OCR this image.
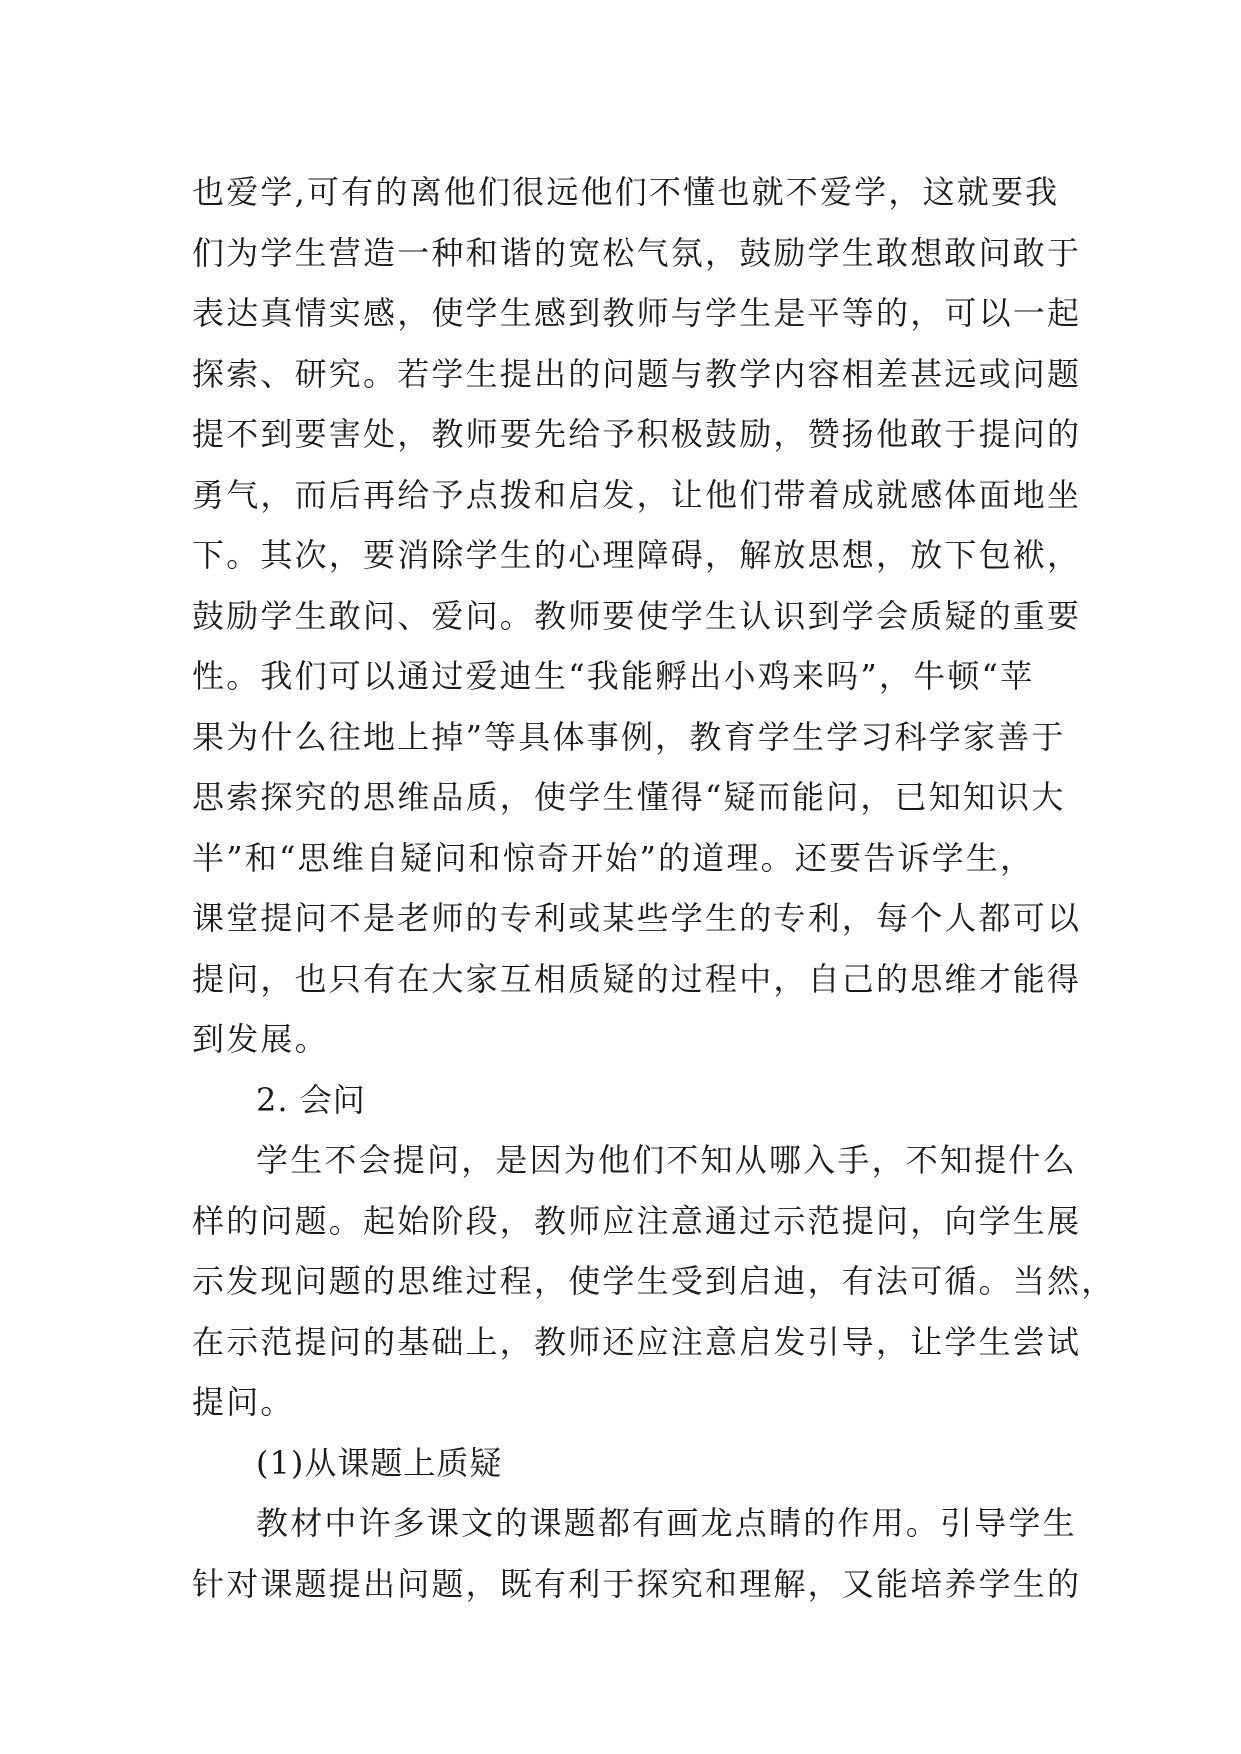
也爱学,可有的离他们很远他们不懂也就不爱学，这就要我
们为学生营造一种和谐的宽松气氛，鼓励学生敢想敢问敢于
表达真情实感，使学生感到教师与学生是平等的，可以一起
探索、研究。若学生提出的问题与教学内容相差甚远或问题
提不到要害处，教师要先给予积极鼓励，赞扬他敢于提问的
勇气，而后再给予点拨和启发，让他们带着成就感体面地坐
下。其次，要消除学生的心理障碍，解放思想，放下包袱，
鼓励学生敢问、爱问。教师要使学生认识到学会质疑的重要
性。我们可以通过爱迪生“我能孵出小鸡来吗”，牛顿“苹
果为什么往地上掉”等具体事例，教育学生学习科学家善于
思索探究的思维品质，使学生懂得“疑而能问，已知知识大
半”和“思维自疑问和惊奇开始”的道理。还要告诉学生，
课堂提问不是老师的专利或某些学生的专利，每个人都可以
提问，也只有在大家互相质疑的过程中，自己的思维才能得
到发展。
2. 会问
学生不会提问，是因为他们不知从哪入手，不知提什么
样的问题。起始阶段，教师应注意通过示范提问，向学生展
示发现问题的思维过程，使学生受到启迪，有法可循。当然，
在示范提问的基础上，教师还应注意启发引导，让学生尝试
提问。
(1)从课题上质疑
教材中许多课文的课题都有画龙点睛的作用。引导学生
针对课题提出问题，既有利于探究和理解，又能培养学生的
